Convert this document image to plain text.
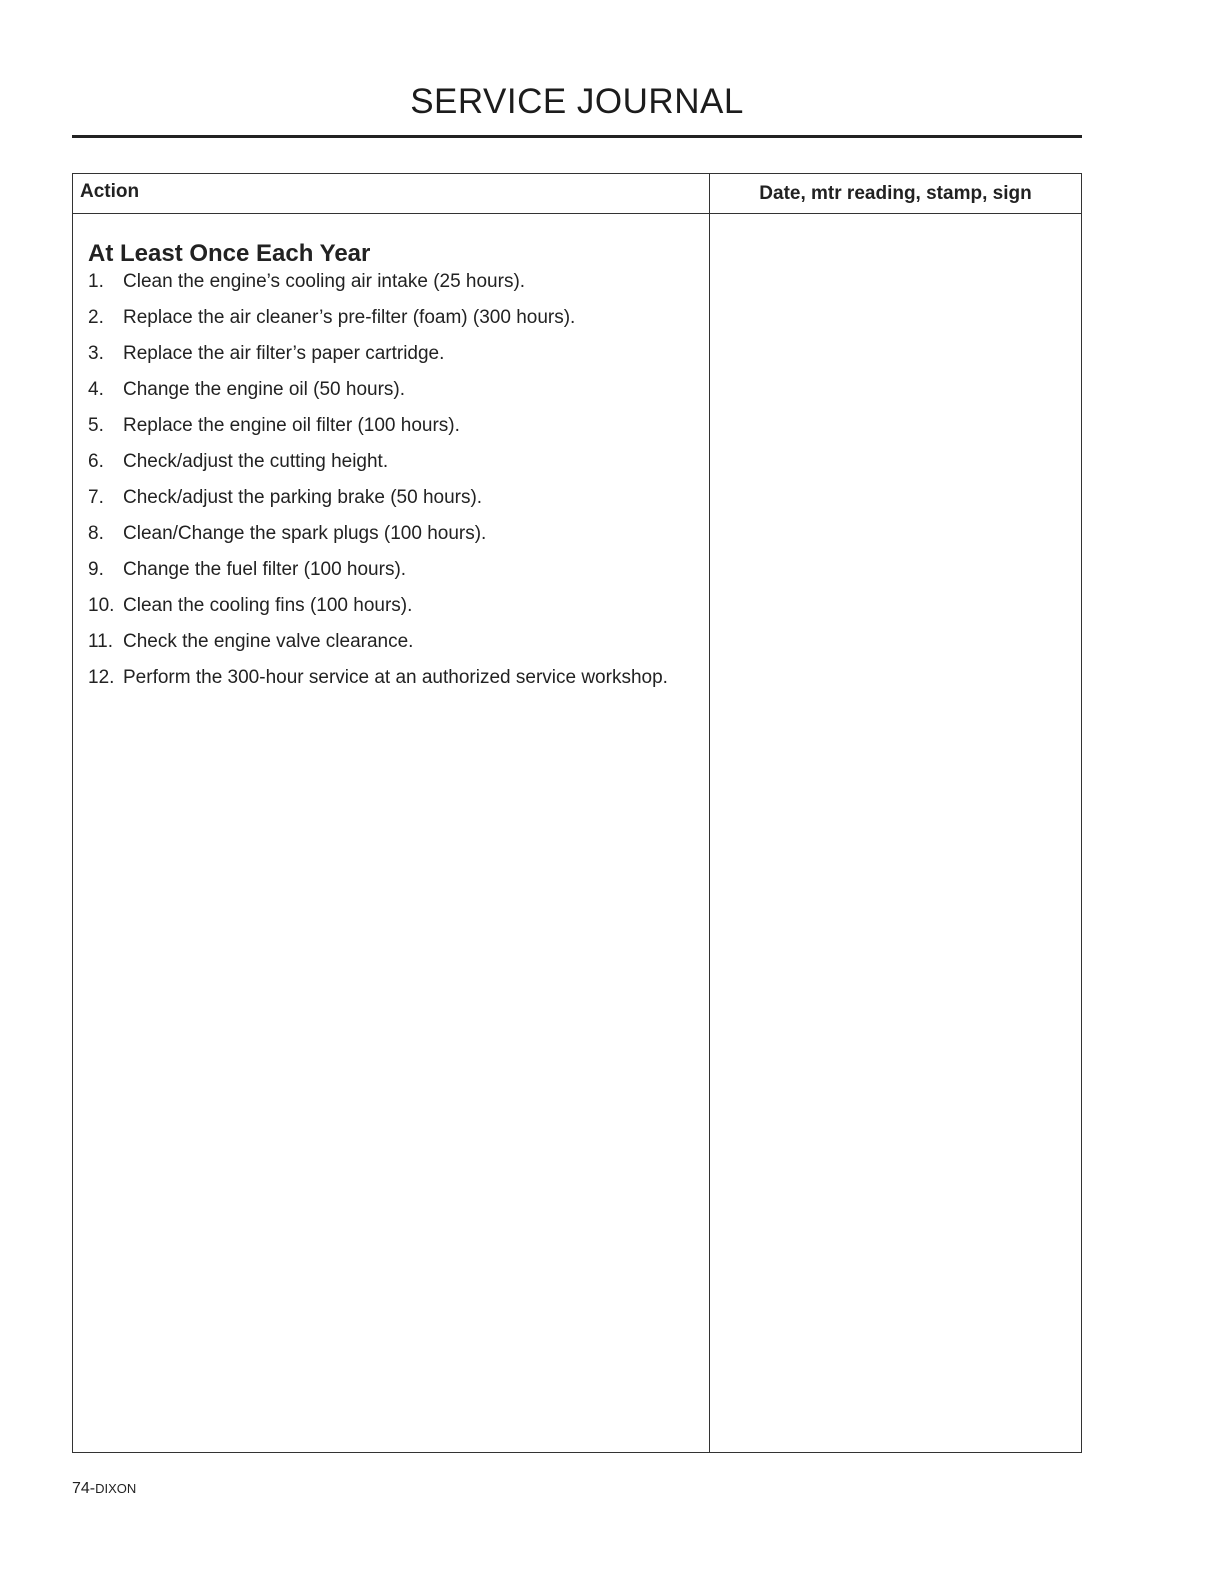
SERVICE JOURNAL
Action	Date, mtr reading, stamp, sign
At Least Once Each Year
1.	Clean the engine’s cooling air intake (25 hours).
2.	Replace the air cleaner’s pre-filter (foam) (300 hours).
3.	Replace the air filter’s paper cartridge.
4.	Change the engine oil (50 hours).
5.	Replace the engine oil filter (100 hours).
6.	Check/adjust the cutting height.
7.	Check/adjust the parking brake (50 hours).
8.	Clean/Change the spark plugs (100 hours).
9.	Change the fuel filter (100 hours).
10. Clean the cooling fins (100 hours).
11. Check the engine valve clearance.
12. Perform the 300-hour service at an authorized service workshop.
74-DIXON
